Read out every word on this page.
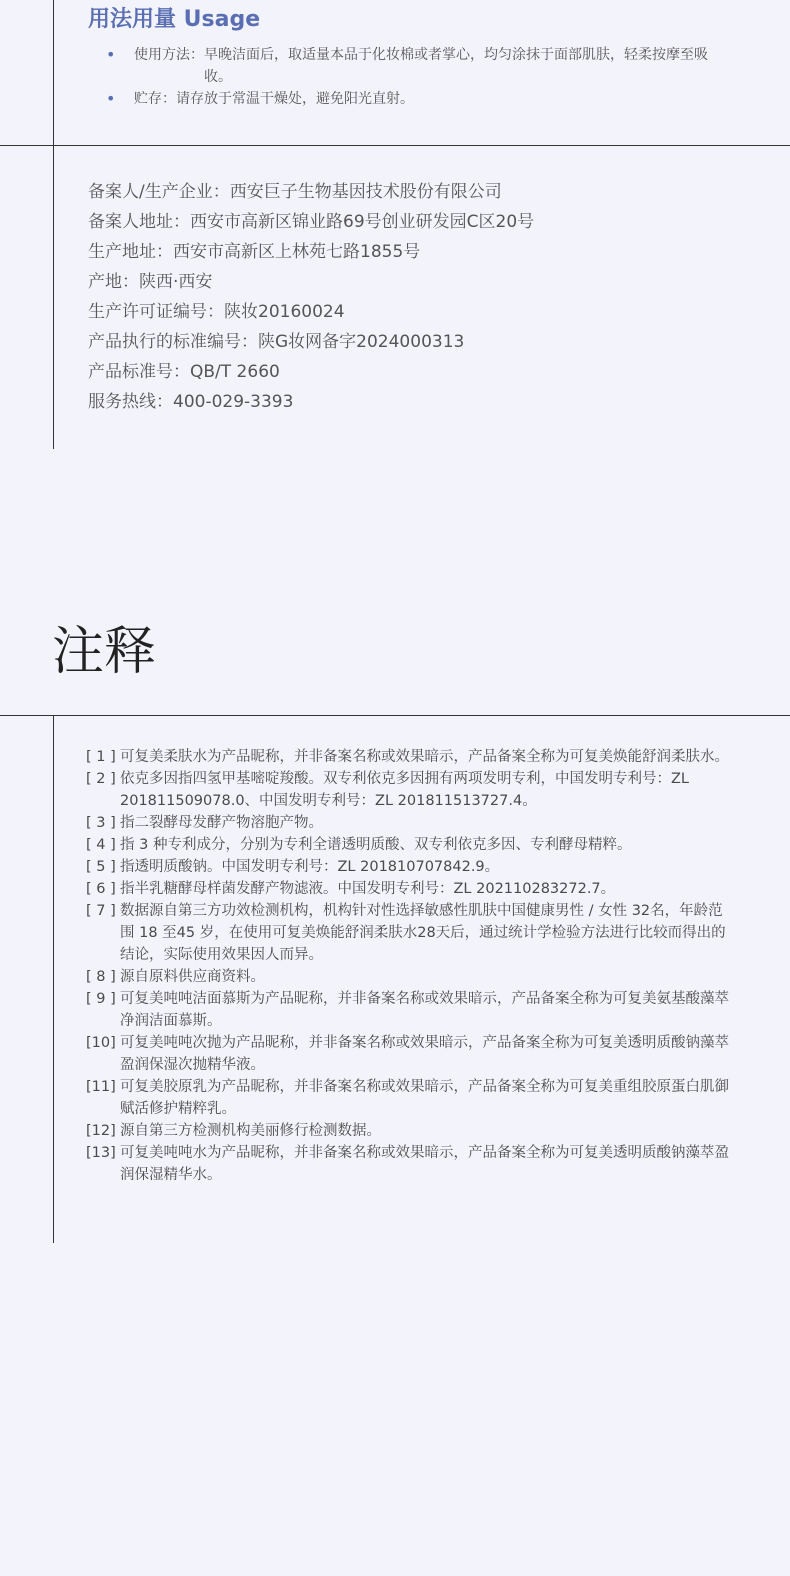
用法用量 Usage
• 使用方法： 早晚洁面后，取适量本品于化妆棉或者掌心，均匀涂抹于面部肌肤，轻柔按摩至吸收。
• 贮存： 请存放于常温干燥处，避免阳光直射。
备案人/生产企业：西安巨子生物基因技术股份有限公司
备案人地址：西安市高新区锦业路69号创业研发园C区20号
生产地址：西安市高新区上林苑七路1855号
产地：陕西·西安
生产许可证编号：陕妆20160024
产品执行的标准编号：陕G妆网备字2024000313
产品标准号：QB/T 2660
服务热线：400-029-3393
注释
[ 1 ] 可复美柔肤水为产品昵称，并非备案名称或效果暗示，产品备案全称为可复美焕能舒润柔肤水。
[ 2 ] 依克多因指四氢甲基嘧啶羧酸。双专利依克多因拥有两项发明专利，中国发明专利号：ZL 201811509078.0、中国发明专利号：ZL 201811513727.4。
[ 3 ] 指二裂酵母发酵产物溶胞产物。
[ 4 ] 指 3 种专利成分，分别为专利全谱透明质酸、双专利依克多因、专利酵母精粹。
[ 5 ] 指透明质酸钠。中国发明专利号：ZL 201810707842.9。
[ 6 ] 指半乳糖酵母样菌发酵产物滤液。中国发明专利号：ZL 202110283272.7。
[ 7 ] 数据源自第三方功效检测机构，机构针对性选择敏感性肌肤中国健康男性 / 女性 32名，年龄范围 18 至45 岁，在使用可复美焕能舒润柔肤水28天后，通过统计学检验方法进行比较而得出的结论，实际使用效果因人而异。
[ 8 ] 源自原料供应商资料。
[ 9 ] 可复美吨吨洁面慕斯为产品昵称，并非备案名称或效果暗示，产品备案全称为可复美氨基酸藻萃净润洁面慕斯。
[10] 可复美吨吨次抛为产品昵称，并非备案名称或效果暗示，产品备案全称为可复美透明质酸钠藻萃盈润保湿次抛精华液。
[11] 可复美胶原乳为产品昵称，并非备案名称或效果暗示，产品备案全称为可复美重组胶原蛋白肌御赋活修护精粹乳。
[12] 源自第三方检测机构美丽修行检测数据。
[13] 可复美吨吨水为产品昵称，并非备案名称或效果暗示，产品备案全称为可复美透明质酸钠藻萃盈润保湿精华水。
